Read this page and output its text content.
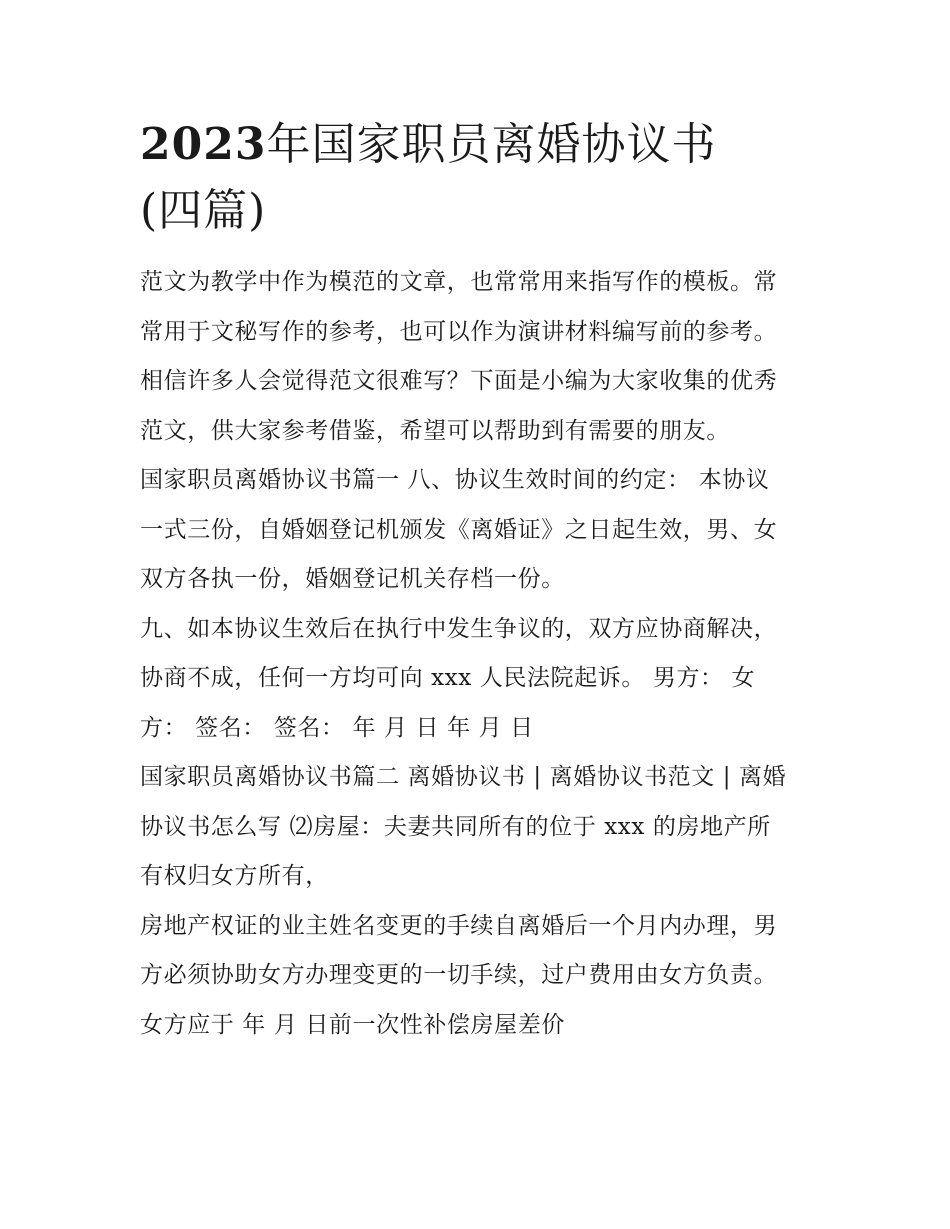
2023年国家职员离婚协议书
(四篇)

范文为教学中作为模范的文章，也常常用来指写作的模板。常
常用于文秘写作的参考，也可以作为演讲材料编写前的参考。
相信许多人会觉得范文很难写？下面是小编为大家收集的优秀
范文，供大家参考借鉴，希望可以帮助到有需要的朋友。

国家职员离婚协议书篇一 八、协议生效时间的约定： 本协议
一式三份，自婚姻登记机颁发《离婚证》之日起生效，男、女
双方各执一份，婚姻登记机关存档一份。

九、如本协议生效后在执行中发生争议的，双方应协商解决，
协商不成，任何一方均可向 xxx 人民法院起诉。 男方： 女
方： 签名： 签名： 年 月 日 年 月 日

国家职员离婚协议书篇二 离婚协议书 | 离婚协议书范文 | 离婚
协议书怎么写 ⑵房屋：夫妻共同所有的位于 xxx 的房地产所
有权归女方所有，

房地产权证的业主姓名变更的手续自离婚后一个月内办理，男
方必须协助女方办理变更的一切手续，过户费用由女方负责。
女方应于 年 月 日前一次性补偿房屋差价
